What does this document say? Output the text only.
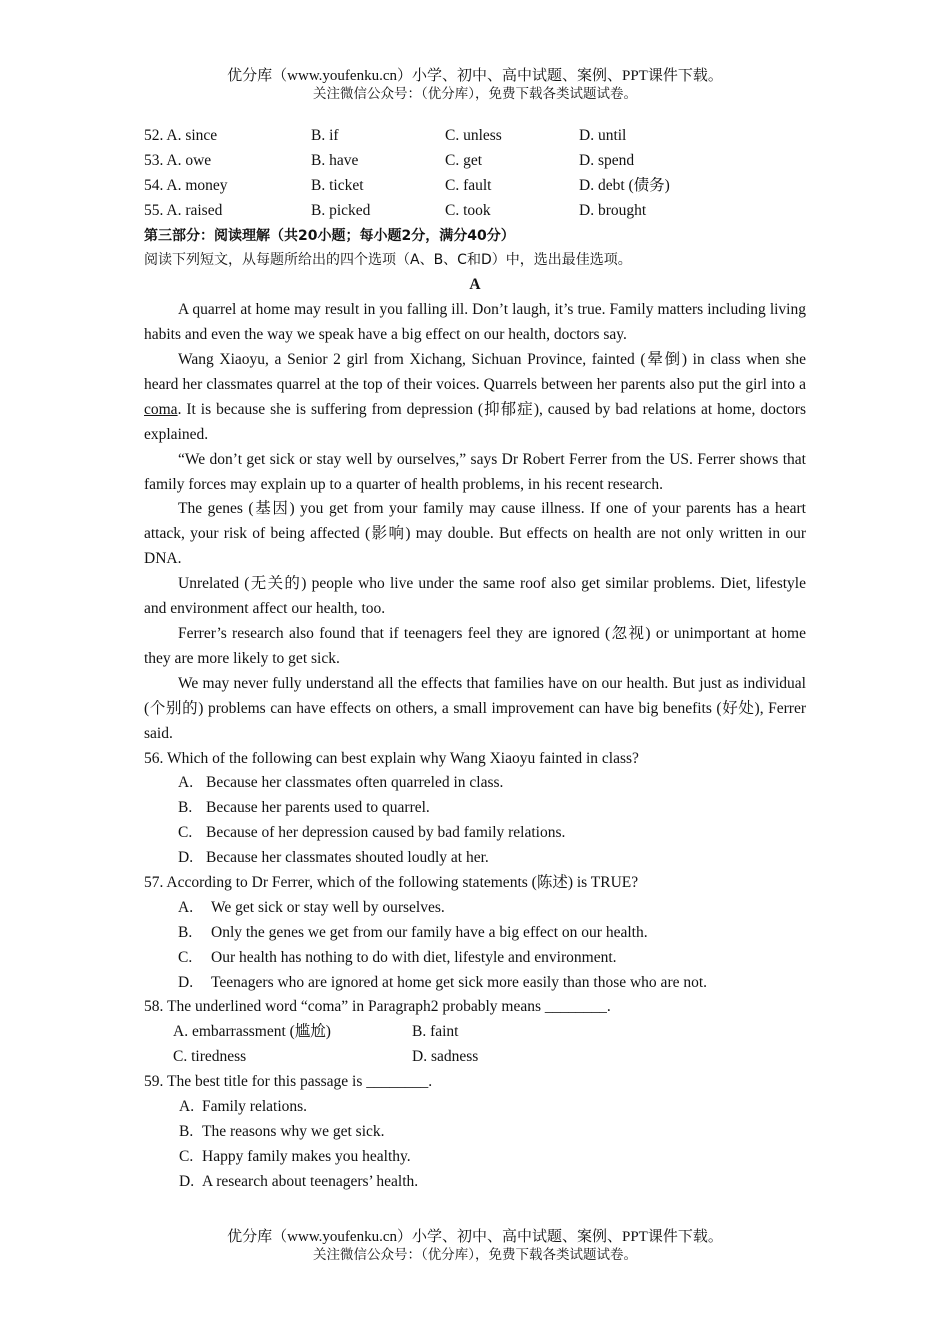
优分库（www.youfenku.cn）小学、初中、高中试题、案例、PPT课件下载。
关注微信公众号：（优分库），免费下载各类试题试卷。
52. A. since	B. if	C. unless	D. until
53. A. owe	B. have	C. get	D. spend
54. A. money	B. ticket	C. fault	D. debt (债务)
55. A. raised	B. picked	C. took	D. brought
第三部分：阅读理解（共20小题；每小题2分，满分40分）
阅读下列短文，从每题所给出的四个选项（A、B、C和D）中，选出最佳选项。
A

A quarrel at home may result in you falling ill. Don’t laugh, it’s true. Family matters including living habits and even the way we speak have a big effect on our health, doctors say.

Wang Xiaoyu, a Senior 2 girl from Xichang, Sichuan Province, fainted (晕倒) in class when she heard her classmates quarrel at the top of their voices. Quarrels between her parents also put the girl into a coma. It is because she is suffering from depression (抑郁症), caused by bad relations at home, doctors explained.

“We don’t get sick or stay well by ourselves,” says Dr Robert Ferrer from the US. Ferrer shows that family forces may explain up to a quarter of health problems, in his recent research.

The genes (基因) you get from your family may cause illness. If one of your parents has a heart attack, your risk of being affected (影响) may double. But effects on health are not only written in our DNA.

Unrelated (无关的) people who live under the same roof also get similar problems. Diet, lifestyle and environment affect our health, too.

Ferrer’s research also found that if teenagers feel they are ignored (忽视) or unimportant at home they are more likely to get sick.

We may never fully understand all the effects that families have on our health. But just as individual (个别的) problems can have effects on others, a small improvement can have big benefits (好处), Ferrer said.

56. Which of the following can best explain why Wang Xiaoyu fainted in class?
A. Because her classmates often quarreled in class.
B. Because her parents used to quarrel.
C. Because of her depression caused by bad family relations.
D. Because her classmates shouted loudly at her.
57. According to Dr Ferrer, which of the following statements (陈述) is TRUE?
A. We get sick or stay well by ourselves.
B. Only the genes we get from our family have a big effect on our health.
C. Our health has nothing to do with diet, lifestyle and environment.
D. Teenagers who are ignored at home get sick more easily than those who are not.
58. The underlined word “coma” in Paragraph2 probably means ________.
A. embarrassment (尴尬)	B. faint
C. tiredness	D. sadness
59. The best title for this passage is ________.
A. Family relations.
B. The reasons why we get sick.
C. Happy family makes you healthy.
D. A research about teenagers’ health.
优分库（www.youfenku.cn）小学、初中、高中试题、案例、PPT课件下载。
关注微信公众号：（优分库），免费下载各类试题试卷。
